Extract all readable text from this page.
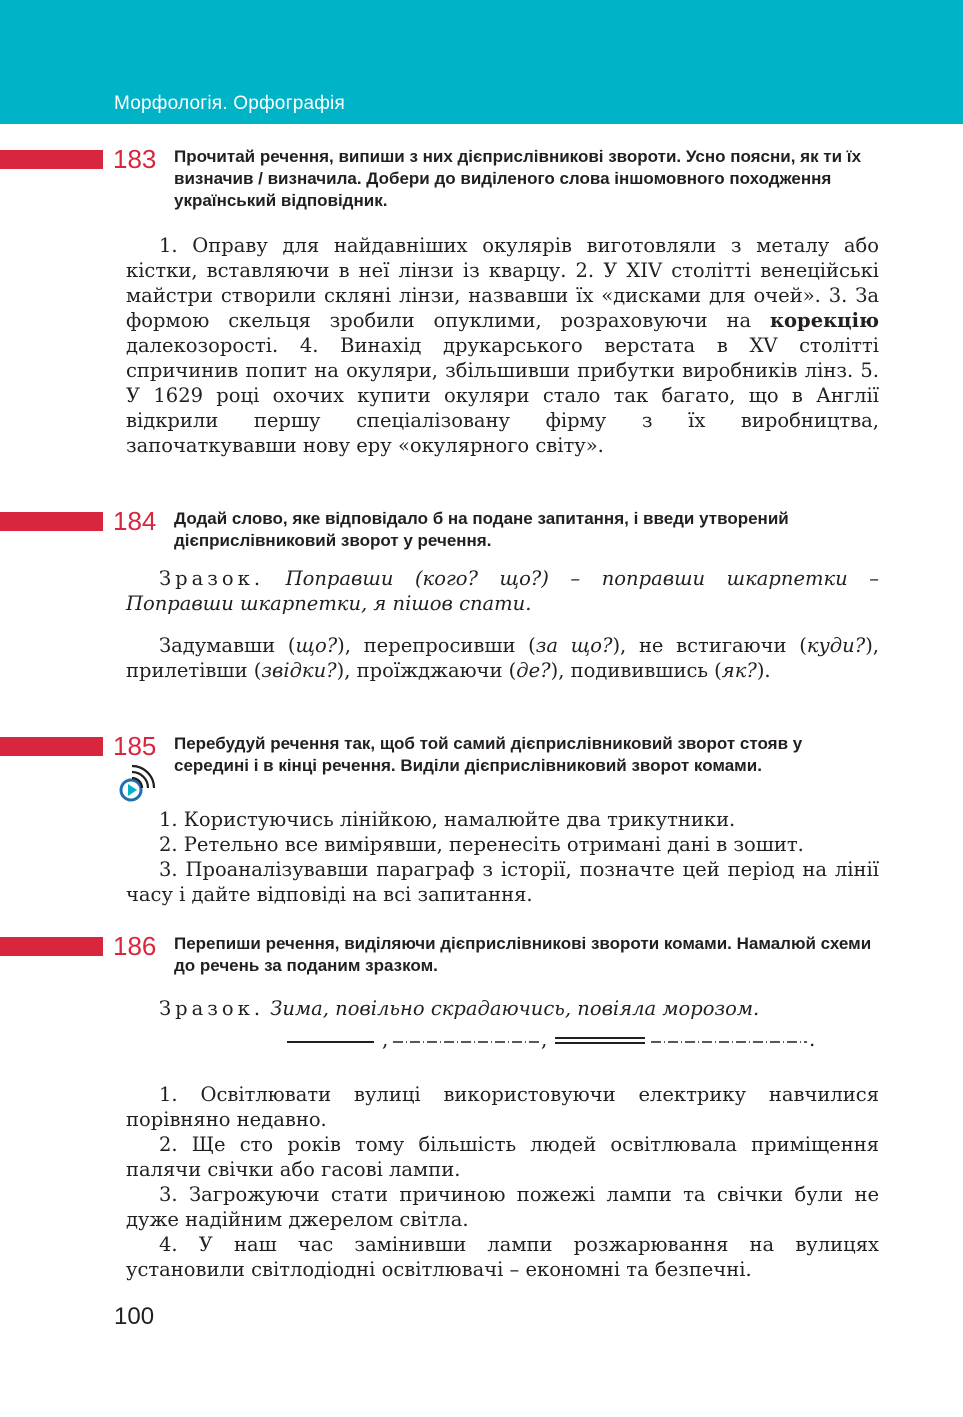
Морфологія. Орфографія
183 Прочитай речення, випиши з них дієприслівникові звороти. Усно поясни, як ти їх визначив / визначила. Добери до виділеного слова іншомовного походження український відповідник.

1. Оправу для найдавніших окулярів виготовляли з металу або кістки, вставляючи в неї лінзи із кварцу. 2. У XIV столітті венеційські майстри створили скляні лінзи, назвавши їх «дисками для очей». 3. За формою скельця зробили опуклими, розраховуючи на корекцію далекозорості. 4. Винахід друкарського верстата в XV столітті спричинив попит на окуляри, збільшивши прибутки виробників лінз. 5. У 1629 році охочих купити окуляри стало так багато, що в Англії відкрили першу спеціалізовану фірму з їх виробництва, започаткувавши нову еру «окулярного світу».

184 Додай слово, яке відповідало б на подане запитання, і введи утворений дієприслівниковий зворот у речення.

Зразок. Поправши (кого? що?) – поправши шкарпетки – Поправши шкарпетки, я пішов спати.

Задумавши (що?), перепросивши (за що?), не встигаючи (куди?), прилетівши (звідки?), проїжджаючи (де?), подивившись (як?).

185 Перебудуй речення так, щоб той самий дієприслівниковий зворот стояв у середині і в кінці речення. Виділи дієприслівниковий зворот комами.

1. Користуючись лінійкою, намалюйте два трикутники.

2. Ретельно все вимірявши, перенесіть отримані дані в зошит.

3. Проаналізувавши параграф з історії, позначте цей період на лінії часу і дайте відповіді на всі запитання.

186 Перепиши речення, виділяючи дієприслівникові звороти комами. Намалюй схеми до речень за поданим зразком.

Зразок. Зима, повільно скрадаючись, повіяла морозом.

,	,	.

1. Освітлювати вулиці використовуючи електрику навчилися порівняно недавно.

2. Ще сто років тому більшість людей освітлювала приміщення палячи свічки або гасові лампи.

3. Загрожуючи стати причиною пожежі лампи та свічки були не дуже надійним джерелом світла.

4. У наш час замінивши лампи розжарювання на вулицях установили світлодіодні освітлювачі – економні та безпечні.

100
